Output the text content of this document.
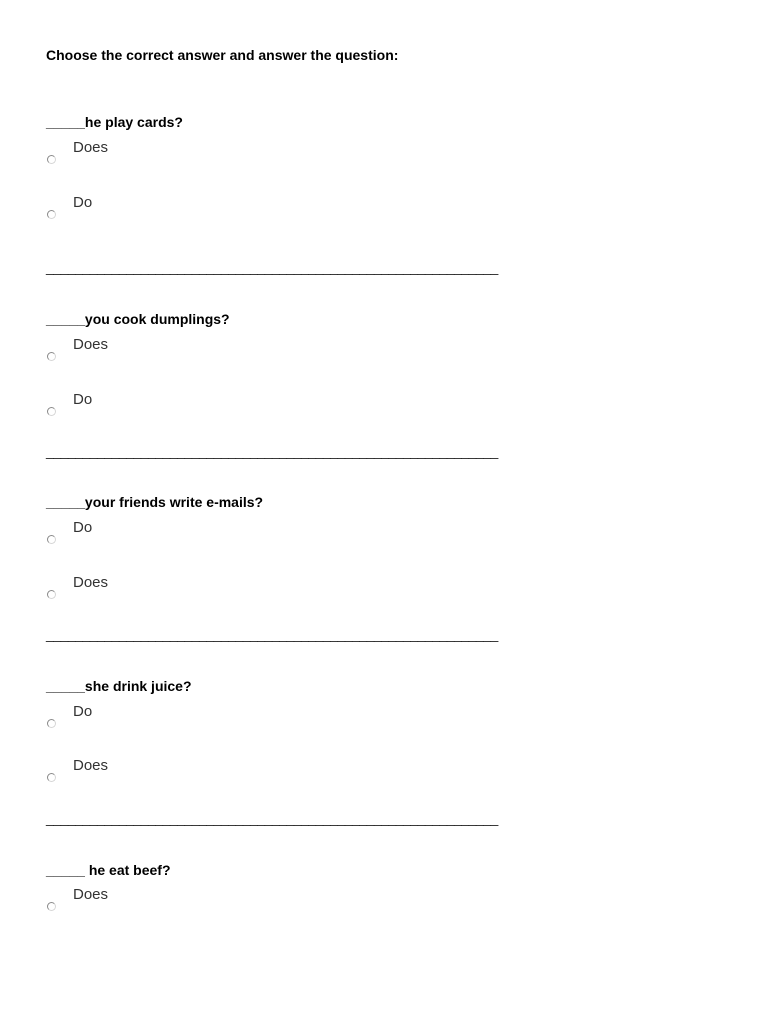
Choose the correct answer and answer the question:
_____he play cards?
Does
Do
______________________________________________________________
_____you cook dumplings?
Does
Do
______________________________________________________________
_____your friends write e-mails?
Do
Does
______________________________________________________________
_____she drink juice?
Do
Does
______________________________________________________________
_____ he eat beef?
Does
